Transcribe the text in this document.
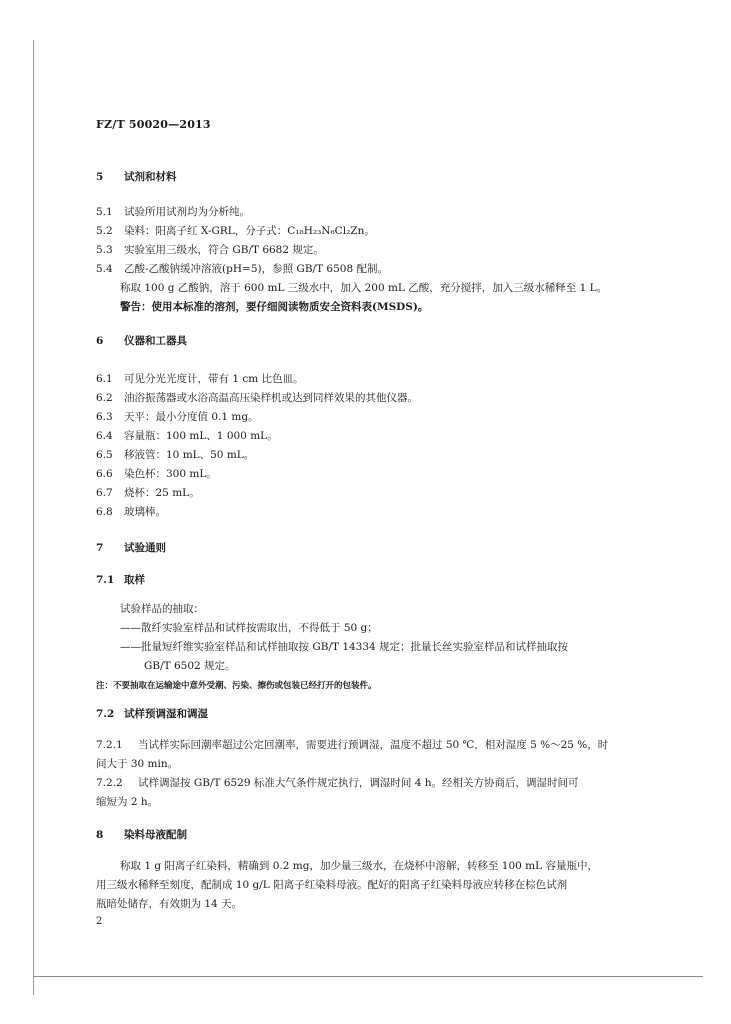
FZ/T 50020—2013
5 试剂和材料
5.1 试验所用试剂均为分析纯。
5.2 染料：阳离子红 X-GRL，分子式：C₁₈H₂₃N₆Cl₂Zn。
5.3 实验室用三级水，符合 GB/T 6682 规定。
5.4 乙酸-乙酸钠缓冲溶液(pH=5)，参照 GB/T 6508 配制。
称取 100 g 乙酸钠，溶于 600 mL 三级水中，加入 200 mL 乙酸，充分搅拌，加入三级水稀释至 1 L。
警告：使用本标准的溶剂，要仔细阅读物质安全资料表(MSDS)。
6 仪器和工器具
6.1 可见分光光度计，带有 1 cm 比色皿。
6.2 油浴振荡器或水浴高温高压染样机或达到同样效果的其他仪器。
6.3 天平：最小分度值 0.1 mg。
6.4 容量瓶：100 mL、1 000 mL。
6.5 移液管：10 mL、50 mL。
6.6 染色杯：300 mL。
6.7 烧杯：25 mL。
6.8 玻璃棒。
7 试验通则
7.1 取样
试验样品的抽取：
——散纤实验室样品和试样按需取出，不得低于 50 g；
——批量短纤维实验室样品和试样抽取按 GB/T 14334 规定；批量长丝实验室样品和试样抽取按
GB/T 6502 规定。
注：不要抽取在运输途中意外受潮、污染、擦伤或包装已经打开的包装件。
7.2 试样预调湿和调湿
7.2.1 当试样实际回潮率超过公定回潮率，需要进行预调湿，温度不超过 50 ℃，相对湿度 5 %～25 %，时
间大于 30 min。
7.2.2 试样调湿按 GB/T 6529 标准大气条件规定执行，调湿时间 4 h。经相关方协商后，调湿时间可
缩短为 2 h。
8 染料母液配制
称取 1 g 阳离子红染料，精确到 0.2 mg，加少量三级水，在烧杯中溶解，转移至 100 mL 容量瓶中，
用三级水稀释至刻度，配制成 10 g/L 阳离子红染料母液。配好的阳离子红染料母液应转移在棕色试剂
瓶暗处储存，有效期为 14 天。
2
